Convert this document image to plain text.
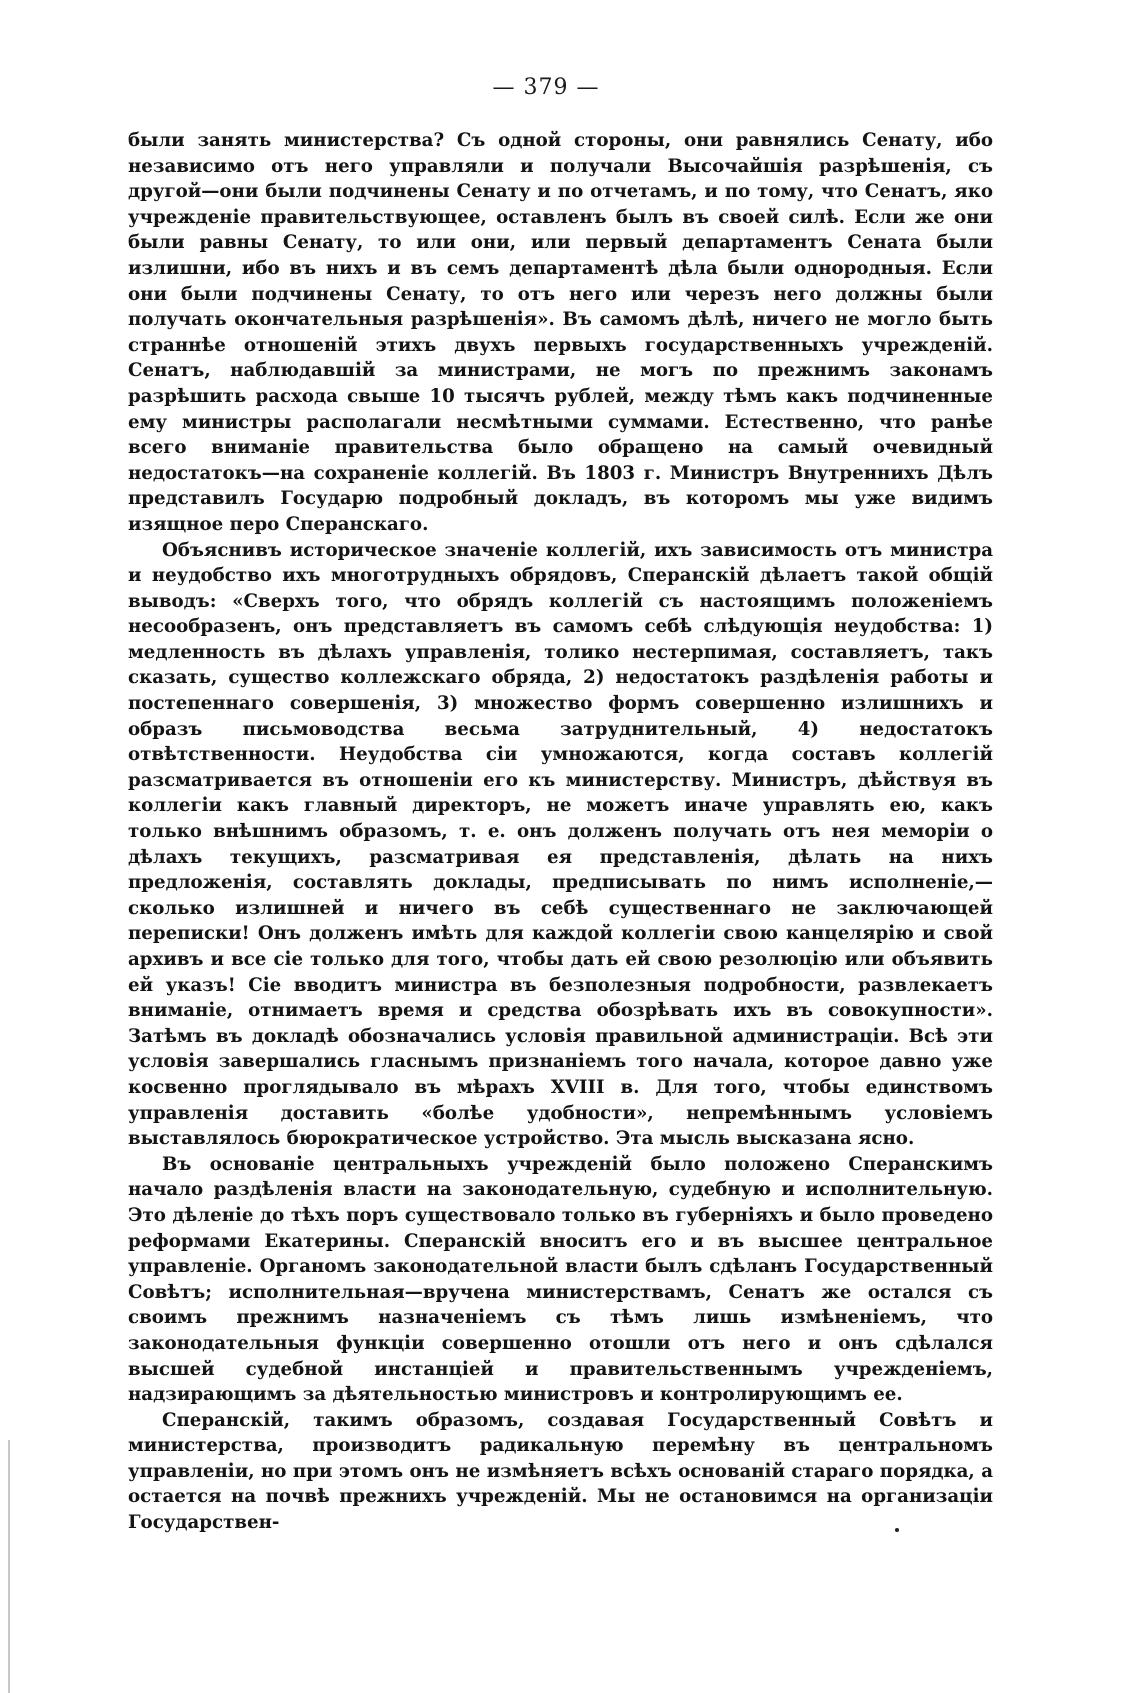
— 379 —

были занять министерства? Съ одной стороны, они равнялись Сенату, ибо независимо отъ него управляли и получали Высочайшія разрѣшенія, съ другой—они были подчинены Сенату и по отчетамъ, и по тому, что Сенатъ, яко учрежденіе правительствующее, оставленъ былъ въ своей силѣ. Если же они были равны Сенату, то или они, или первый департаментъ Сената были излишни, ибо въ нихъ и въ семъ департаментѣ дѣла были однородныя. Если они были подчинены Сенату, то отъ него или черезъ него должны были получать окончательныя разрѣшенія». Въ самомъ дѣлѣ, ничего не могло быть страннѣе отношеній этихъ двухъ первыхъ государственныхъ учрежденій. Сенатъ, наблюдавшій за министрами, не могъ по прежнимъ законамъ разрѣшить расхода свыше 10 тысячъ рублей, между тѣмъ какъ подчиненные ему министры располагали несмѣтными суммами. Естественно, что ранѣе всего вниманіе правительства было обращено на самый очевидный недостатокъ—на сохраненіе коллегій. Въ 1803 г. Министръ Внутреннихъ Дѣлъ представилъ Государю подробный докладъ, въ которомъ мы уже видимъ изящное перо Сперанскаго.

Объяснивъ историческое значеніе коллегій, ихъ зависимость отъ министра и неудобство ихъ многотрудныхъ обрядовъ, Сперанскій дѣлаетъ такой общій выводъ: «Сверхъ того, что обрядъ коллегій съ настоящимъ положеніемъ несообразенъ, онъ представляетъ въ самомъ себѣ слѣдующія неудобства: 1) медленность въ дѣлахъ управленія, толико нестерпимая, составляетъ, такъ сказать, существо коллежскаго обряда, 2) недостатокъ раздѣленія работы и постепеннаго совершенія, 3) множество формъ совершенно излишнихъ и образъ письмоводства весьма затруднительный, 4) недостатокъ отвѣтственности. Неудобства сіи умножаются, когда составъ коллегій разсматривается въ отношеніи его къ министерству. Министръ, дѣйствуя въ коллегіи какъ главный директоръ, не можетъ иначе управлять ею, какъ только внѣшнимъ образомъ, т. е. онъ долженъ получать отъ нея меморіи о дѣлахъ текущихъ, разсматривая ея представленія, дѣлать на нихъ предложенія, составлять доклады, предписывать по нимъ исполненіе,—сколько излишней и ничего въ себѣ существеннаго не заключающей переписки! Онъ долженъ имѣть для каждой коллегіи свою канцелярію и свой архивъ и все сіе только для того, чтобы дать ей свою резолюцію или объявить ей указъ! Сіе вводитъ министра въ безполезныя подробности, развлекаетъ вниманіе, отнимаетъ время и средства обозрѣвать ихъ въ совокупности». Затѣмъ въ докладѣ обозначались условія правильной администраціи. Всѣ эти условія завершались гласнымъ признаніемъ того начала, которое давно уже косвенно проглядывало въ мѣрахъ XVIII в. Для того, чтобы единствомъ управленія доставить «болѣе удобности», непремѣннымъ условіемъ выставлялось бюрократическое устройство. Эта мысль высказана ясно.

Въ основаніе центральныхъ учрежденій было положено Сперанскимъ начало раздѣленія власти на законодательную, судебную и исполнительную. Это дѣленіе до тѣхъ поръ существовало только въ губерніяхъ и было проведено реформами Екатерины. Сперанскій вноситъ его и въ высшее центральное управленіе. Органомъ законодательной власти былъ сдѣланъ Государственный Совѣтъ; исполнительная—вручена министерствамъ, Сенатъ же остался съ своимъ прежнимъ назначеніемъ съ тѣмъ лишь измѣненіемъ, что законодательныя функціи совершенно отошли отъ него и онъ сдѣлался высшей судебной инстанціей и правительственнымъ учрежденіемъ, надзирающимъ за дѣятельностью министровъ и контролирующимъ ее.

Сперанскій, такимъ образомъ, создавая Государственный Совѣтъ и министерства, производитъ радикальную перемѣну въ центральномъ управленіи, но при этомъ онъ не измѣняетъ всѣхъ основаній стараго порядка, а остается на почвѣ прежнихъ учрежденій. Мы не остановимся на организаціи Государствен-
